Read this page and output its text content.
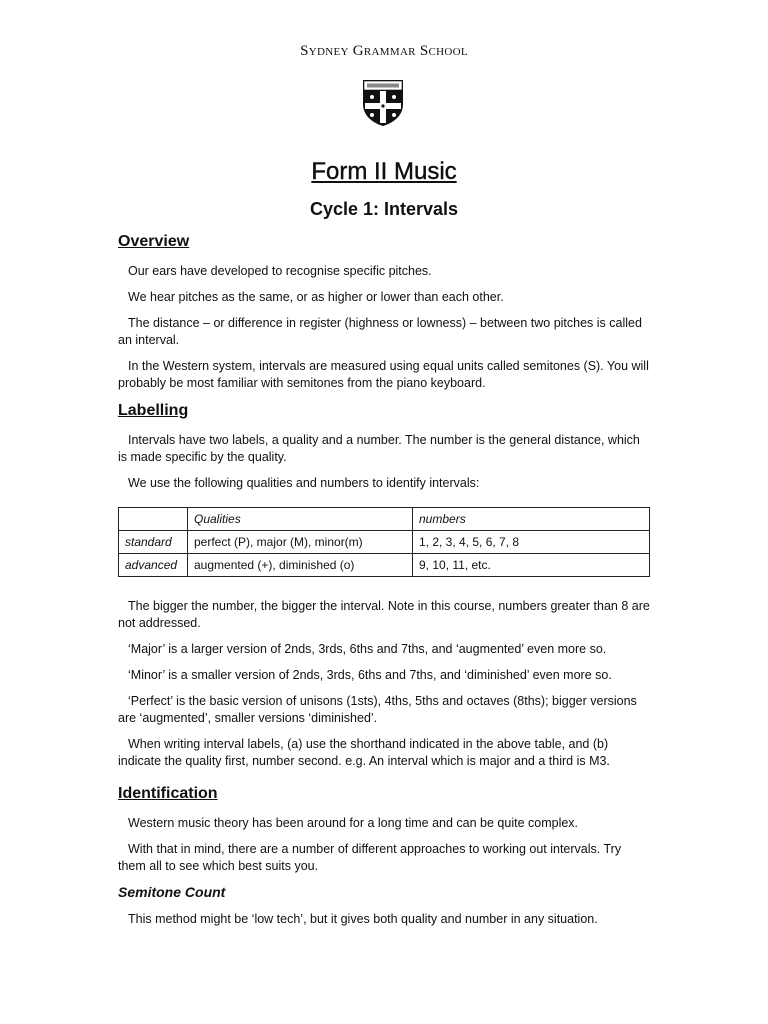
Sydney Grammar School
Form II Music
Cycle 1: Intervals
Overview

Our ears have developed to recognise specific pitches.

We hear pitches as the same, or as higher or lower than each other.

The distance – or difference in register (highness or lowness) – between two pitches is called an interval.

In the Western system, intervals are measured using equal units called semitones (S). You will probably be most familiar with semitones from the piano keyboard.

Labelling

Intervals have two labels, a quality and a number. The number is the general distance, which is made specific by the quality.

We use the following qualities and numbers to identify intervals:

	Qualities	numbers
standard	perfect (P), major (M), minor(m)	1, 2, 3, 4, 5, 6, 7, 8
advanced	augmented (+), diminished (o)	9, 10, 11, etc.

The bigger the number, the bigger the interval. Note in this course, numbers greater than 8 are not addressed.

‘Major’ is a larger version of 2nds, 3rds, 6ths and 7ths, and ‘augmented’ even more so.

‘Minor’ is a smaller version of 2nds, 3rds, 6ths and 7ths, and ‘diminished’ even more so.

‘Perfect’ is the basic version of unisons (1sts), 4ths, 5ths and octaves (8ths); bigger versions are ‘augmented’, smaller versions ‘diminished’.

When writing interval labels, (a) use the shorthand indicated in the above table, and (b) indicate the quality first, number second. e.g. An interval which is major and a third is M3.

Identification

Western music theory has been around for a long time and can be quite complex.

With that in mind, there are a number of different approaches to working out intervals. Try them all to see which best suits you.

Semitone Count

This method might be ‘low tech’, but it gives both quality and number in any situation.
